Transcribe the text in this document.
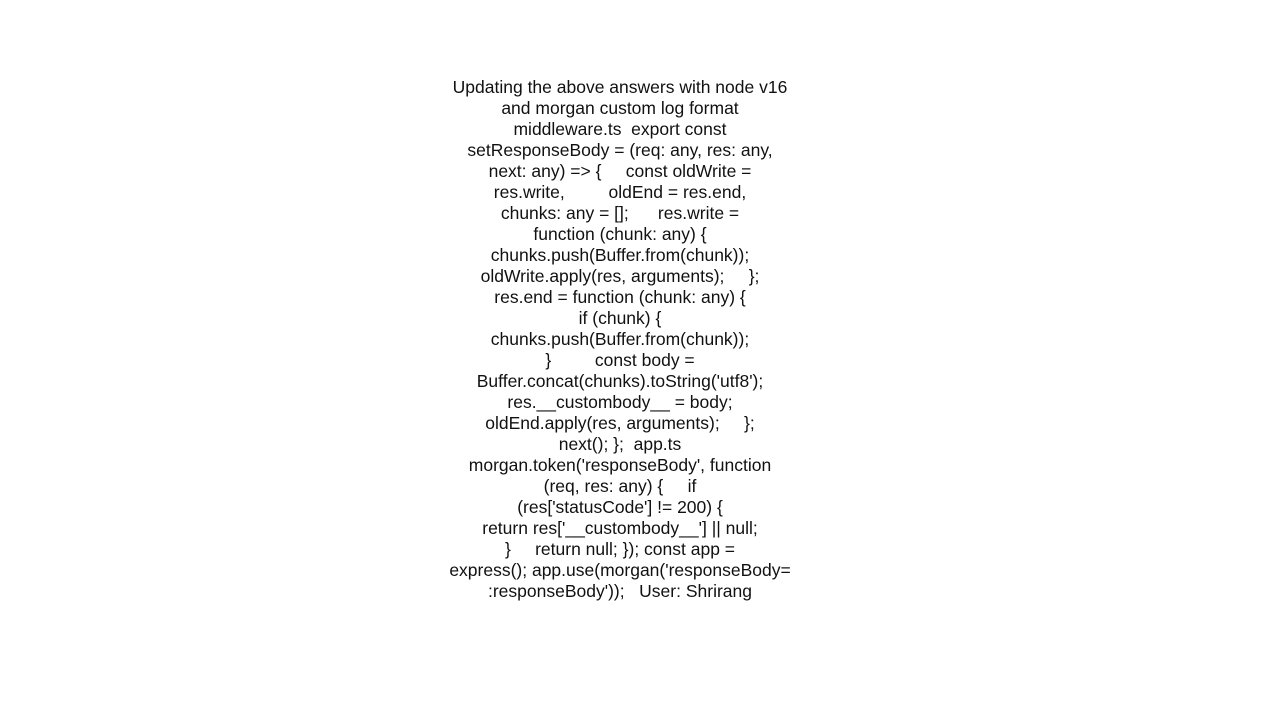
Updating the above answers with node v16
and morgan custom log format
middleware.ts  export const
setResponseBody = (req: any, res: any,
next: any) => {     const oldWrite =
res.write,         oldEnd = res.end,
chunks: any = [];      res.write =
function (chunk: any) {
chunks.push(Buffer.from(chunk));
oldWrite.apply(res, arguments);     };
res.end = function (chunk: any) {
if (chunk) {
chunks.push(Buffer.from(chunk));
}         const body =
Buffer.concat(chunks).toString('utf8');
res.__custombody__ = body;
oldEnd.apply(res, arguments);     };
next(); };  app.ts
morgan.token('responseBody', function
(req, res: any) {     if
(res['statusCode'] != 200) {
return res['__custombody__'] || null;
}     return null; }); const app =
express(); app.use(morgan('responseBody=
:responseBody'));   User: Shrirang
